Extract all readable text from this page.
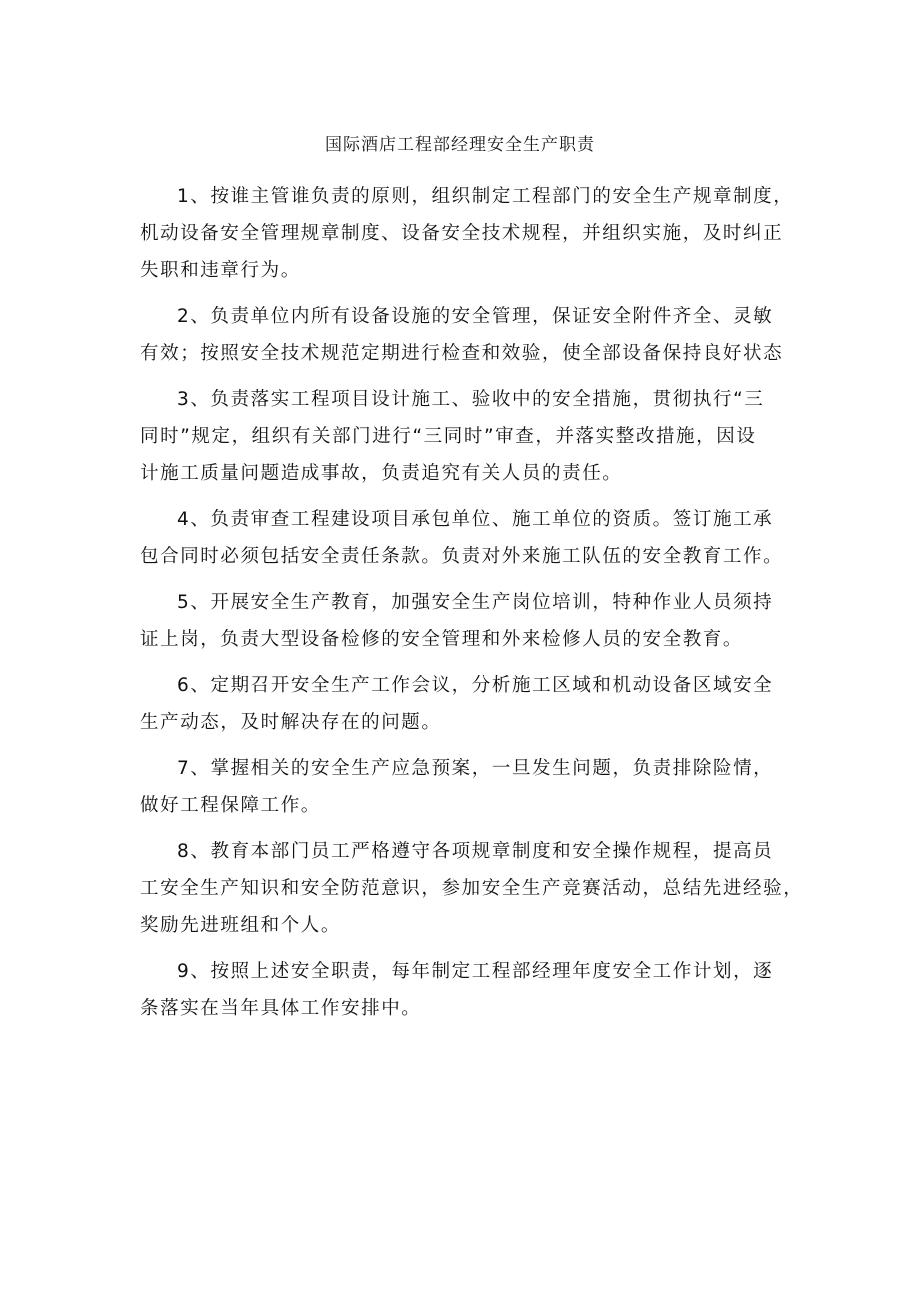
国际酒店工程部经理安全生产职责
1、按谁主管谁负责的原则，组织制定工程部门的安全生产规章制度，
机动设备安全管理规章制度、设备安全技术规程，并组织实施，及时纠正
失职和违章行为。
2、负责单位内所有设备设施的安全管理，保证安全附件齐全、灵敏
有效；按照安全技术规范定期进行检查和效验，使全部设备保持良好状态
3、负责落实工程项目设计施工、验收中的安全措施，贯彻执行“三
同时”规定，组织有关部门进行“三同时”审查，并落实整改措施，因设
计施工质量问题造成事故，负责追究有关人员的责任。
4、负责审查工程建设项目承包单位、施工单位的资质。签订施工承
包合同时必须包括安全责任条款。负责对外来施工队伍的安全教育工作。
5、开展安全生产教育，加强安全生产岗位培训，特种作业人员须持
证上岗，负责大型设备检修的安全管理和外来检修人员的安全教育。
6、定期召开安全生产工作会议，分析施工区域和机动设备区域安全
生产动态，及时解决存在的问题。
7、掌握相关的安全生产应急预案，一旦发生问题，负责排除险情，
做好工程保障工作。
8、教育本部门员工严格遵守各项规章制度和安全操作规程，提高员
工安全生产知识和安全防范意识，参加安全生产竞赛活动，总结先进经验，
奖励先进班组和个人。
9、按照上述安全职责，每年制定工程部经理年度安全工作计划，逐
条落实在当年具体工作安排中。
